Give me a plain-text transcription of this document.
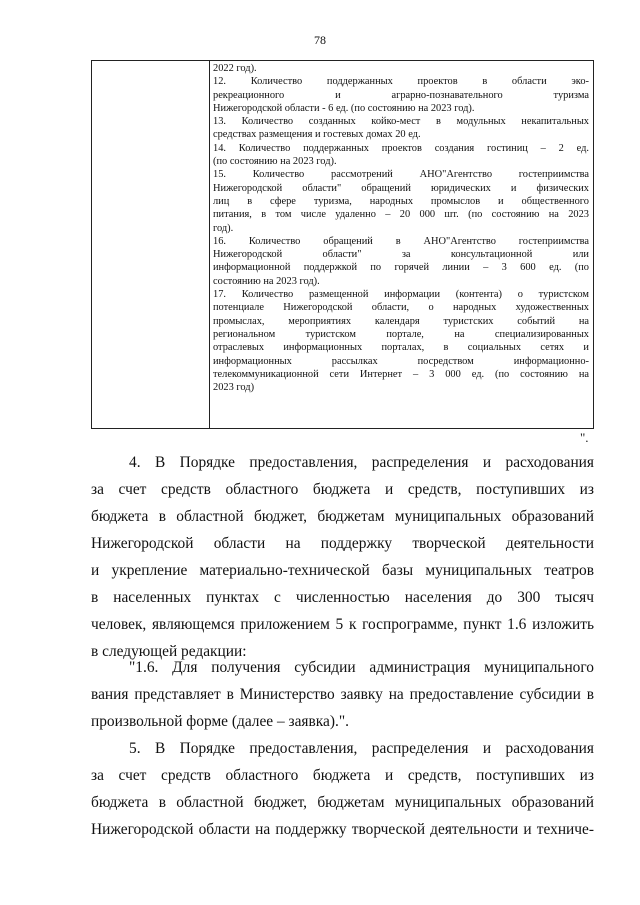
78
2022 год).
12. Количество поддержанных проектов в области эко-
рекреационного и аграрно-познавательного туризма
Нижегородской области - 6 ед. (по состоянию на 2023 год).
13. Количество созданных койко-мест в модульных некапитальных
средствах размещения и гостевых домах 20 ед.
14. Количество поддержанных проектов создания гостиниц – 2 ед.
(по состоянию на 2023 год).
15. Количество рассмотрений АНО"Агентство гостеприимства
Нижегородской области" обращений юридических и физических
лиц в сфере туризма, народных промыслов и общественного
питания, в том числе удаленно – 20 000 шт. (по состоянию на 2023
год).
16. Количество обращений в АНО"Агентство гостеприимства
Нижегородской области" за консультационной или
информационной поддержкой по горячей линии – 3 600 ед. (по
состоянию на 2023 год).
17. Количество размещенной информации (контента) о туристском
потенциале Нижегородской области, о народных художественных
промыслах, мероприятиях календаря туристских событий на
региональном туристском портале, на специализированных
отраслевых информационных порталах, в социальных сетях и
информационных рассылках посредством информационно-
телекоммуникационной сети Интернет – 3 000 ед. (по состоянию на
2023 год)
".
4. В Порядке предоставления, распределения и расходования
за счет средств областного бюджета и средств, поступивших из
бюджета в областной бюджет, бюджетам муниципальных образований
Нижегородской области на поддержку творческой деятельности
и укрепление материально-технической базы муниципальных театров
в населенных пунктах с численностью населения до 300 тысяч
человек, являющемся приложением 5 к госпрограмме, пункт 1.6 изложить
в следующей редакции:
"1.6. Для получения субсидии администрация муниципального
вания представляет в Министерство заявку на предоставление субсидии в
произвольной форме (далее – заявка).".
5. В Порядке предоставления, распределения и расходования
за счет средств областного бюджета и средств, поступивших из
бюджета в областной бюджет, бюджетам муниципальных образований
Нижегородской области на поддержку творческой деятельности и техниче-
